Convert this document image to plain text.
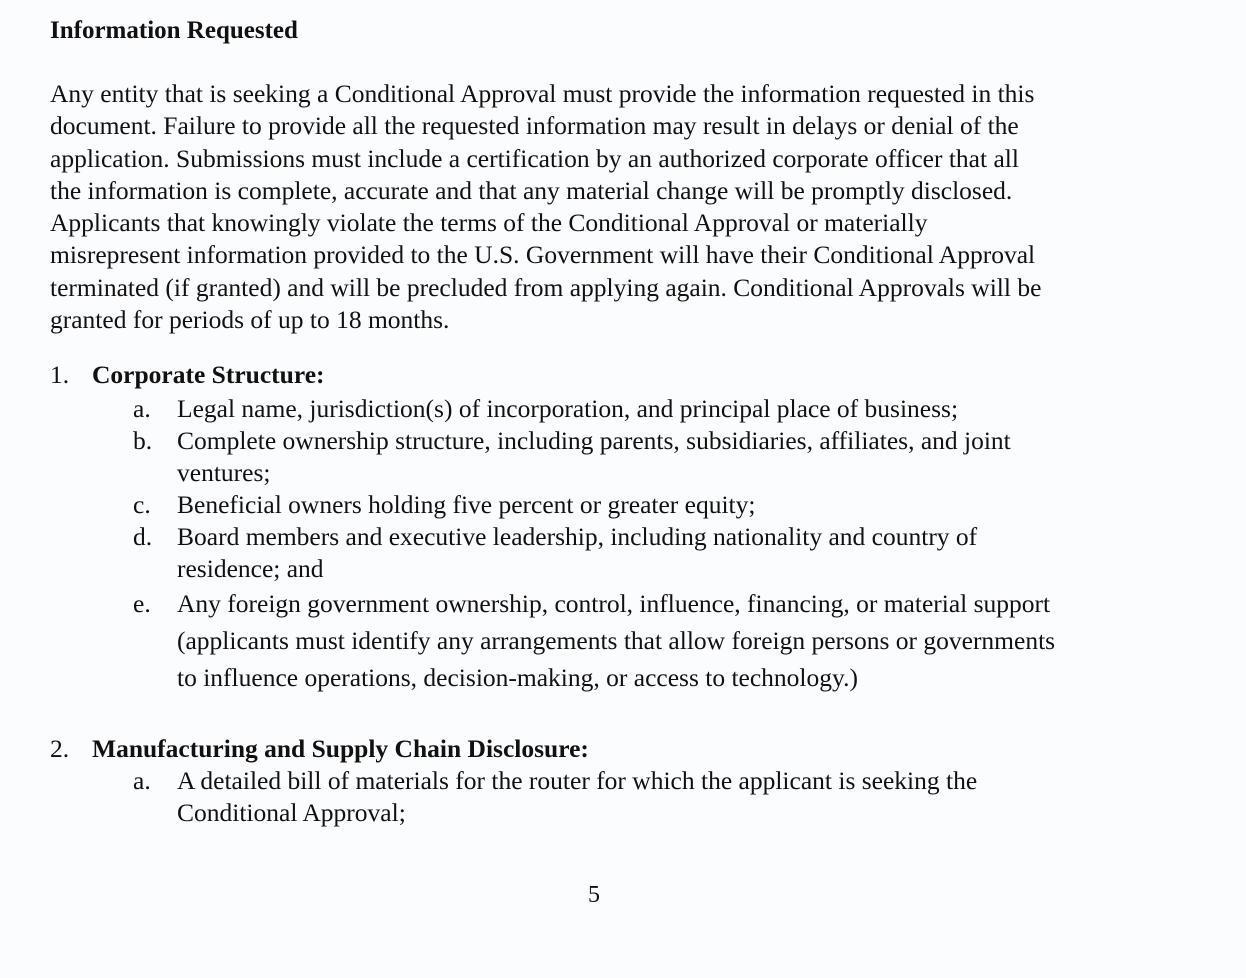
Information Requested

Any entity that is seeking a Conditional Approval must provide the information requested in this
document. Failure to provide all the requested information may result in delays or denial of the
application. Submissions must include a certification by an authorized corporate officer that all
the information is complete, accurate and that any material change will be promptly disclosed.
Applicants that knowingly violate the terms of the Conditional Approval or materially
misrepresent information provided to the U.S. Government will have their Conditional Approval
terminated (if granted) and will be precluded from applying again. Conditional Approvals will be
granted for periods of up to 18 months.

1. Corporate Structure:
a. Legal name, jurisdiction(s) of incorporation, and principal place of business;
b. Complete ownership structure, including parents, subsidiaries, affiliates, and joint
ventures;
c. Beneficial owners holding five percent or greater equity;
d. Board members and executive leadership, including nationality and country of
residence; and
e. Any foreign government ownership, control, influence, financing, or material support
(applicants must identify any arrangements that allow foreign persons or governments
to influence operations, decision-making, or access to technology.)
2. Manufacturing and Supply Chain Disclosure:
a. A detailed bill of materials for the router for which the applicant is seeking the
Conditional Approval;
5
